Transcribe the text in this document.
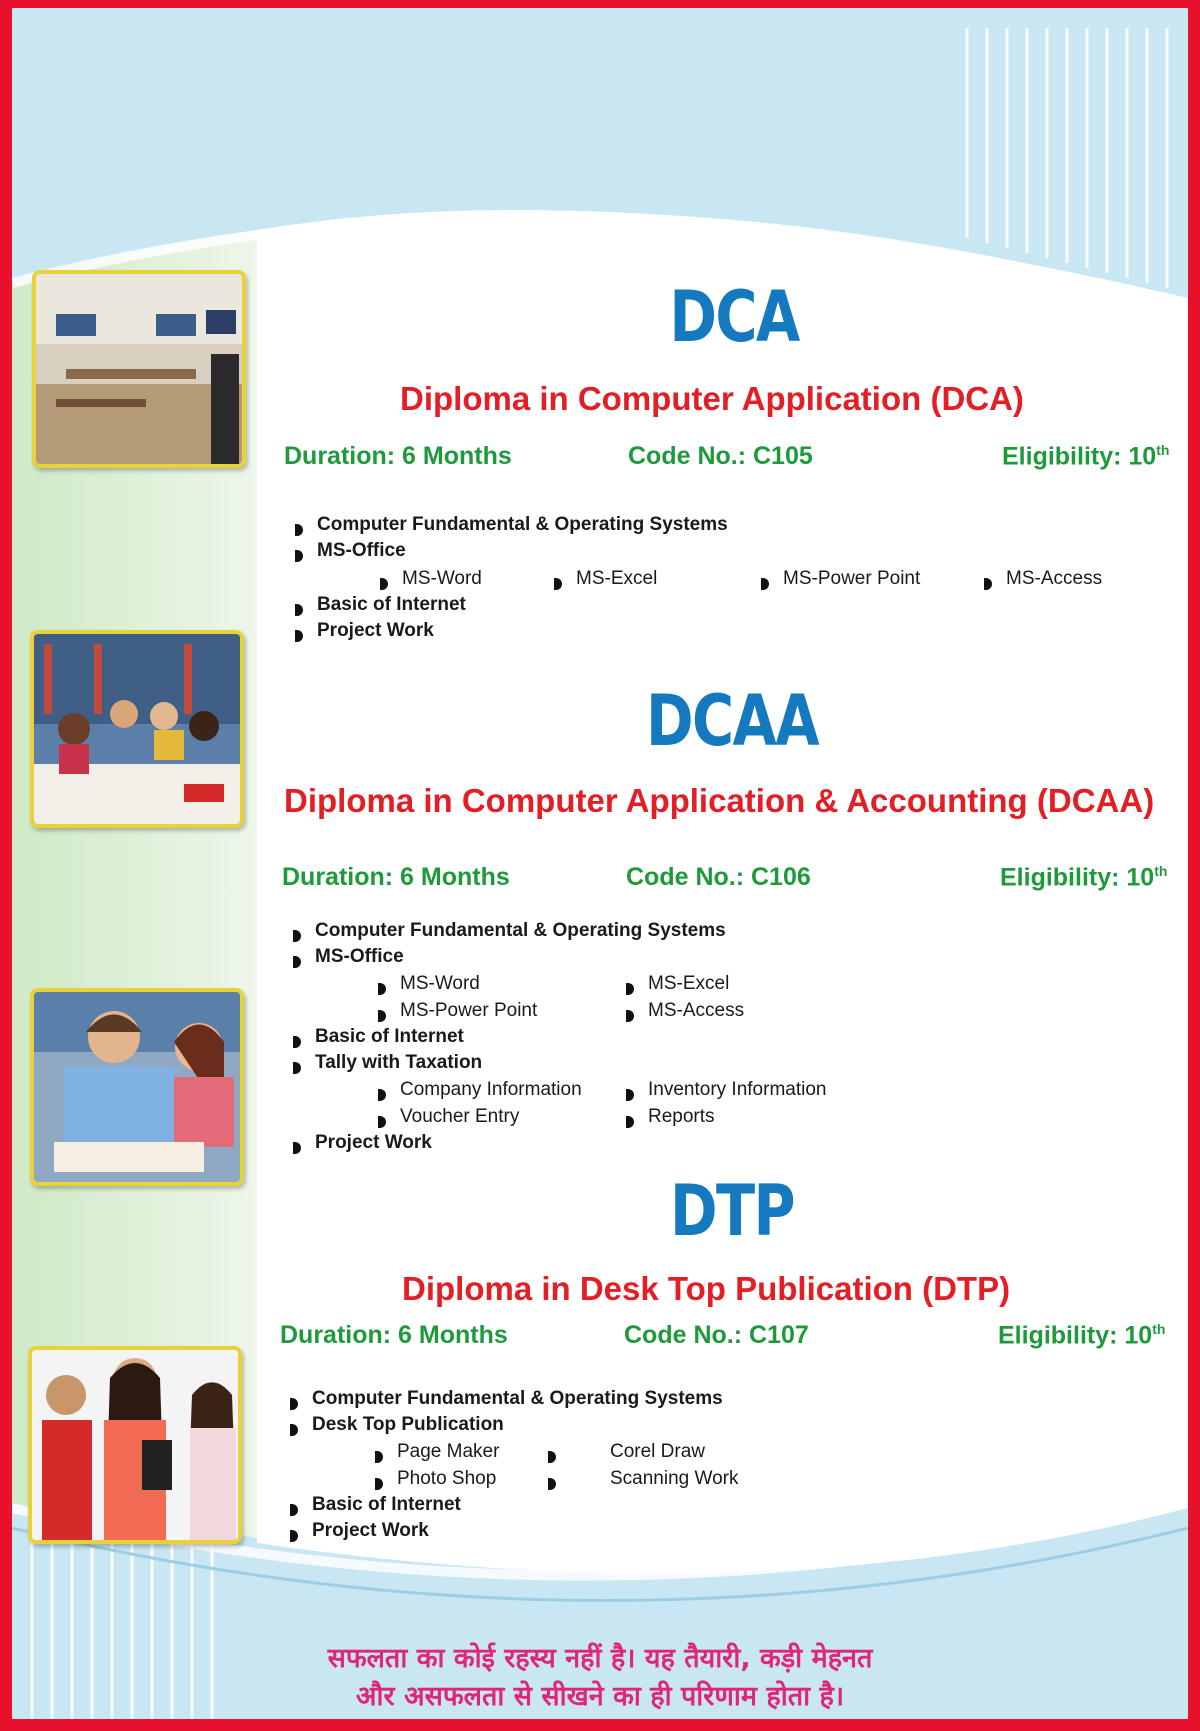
DCA
Diploma in Computer Application (DCA)
Duration: 6 Months	Code No.: C105	Eligibility: 10th
Computer Fundamental & Operating Systems
MS-Office
MS-Word	MS-Excel	MS-Power Point	MS-Access
Basic of Internet
Project Work
DCAA
Diploma in Computer Application & Accounting (DCAA)
Duration: 6 Months	Code No.: C106	Eligibility: 10th
Computer Fundamental & Operating Systems
MS-Office
MS-Word	MS-Excel
MS-Power Point	MS-Access
Basic of Internet
Tally with Taxation
Company Information	Inventory Information
Voucher Entry	Reports
Project Work
DTP
Diploma in Desk Top Publication (DTP)
Duration: 6 Months	Code No.: C107	Eligibility: 10th
Computer Fundamental & Operating Systems
Desk Top Publication
Page Maker	Corel Draw
Photo Shop	Scanning Work
Basic of Internet
Project Work
सफलता का कोई रहस्य नहीं है। यह तैयारी, कड़ी मेहनत
और असफलता से सीखने का ही परिणाम होता है।
